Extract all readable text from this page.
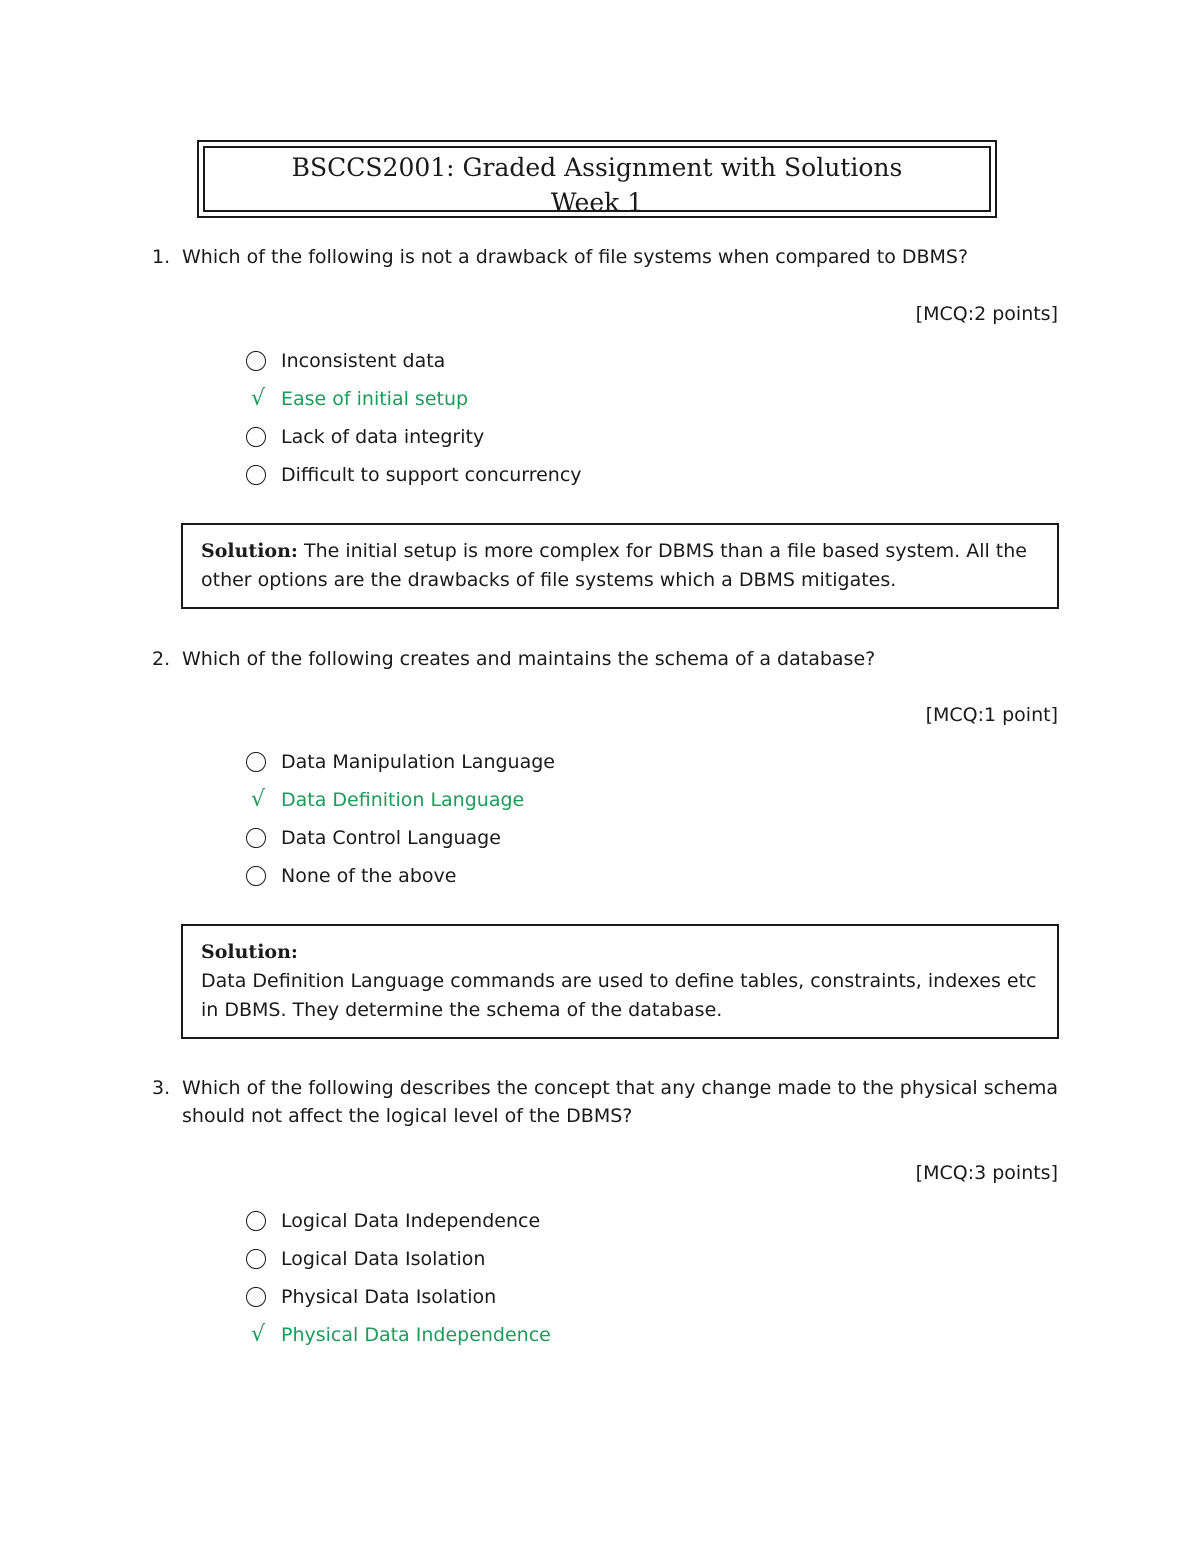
BSCCS2001: Graded Assignment with Solutions
Week 1
1. Which of the following is not a drawback of file systems when compared to DBMS?
[MCQ:2 points]
Inconsistent data
√ Ease of initial setup
Lack of data integrity
Difficult to support concurrency
Solution: The initial setup is more complex for DBMS than a file based system. All the other options are the drawbacks of file systems which a DBMS mitigates.
2. Which of the following creates and maintains the schema of a database?
[MCQ:1 point]
Data Manipulation Language
√ Data Definition Language
Data Control Language
None of the above
Solution:
Data Definition Language commands are used to define tables, constraints, indexes etc in DBMS. They determine the schema of the database.
3. Which of the following describes the concept that any change made to the physical schema should not affect the logical level of the DBMS?
[MCQ:3 points]
Logical Data Independence
Logical Data Isolation
Physical Data Isolation
√ Physical Data Independence
